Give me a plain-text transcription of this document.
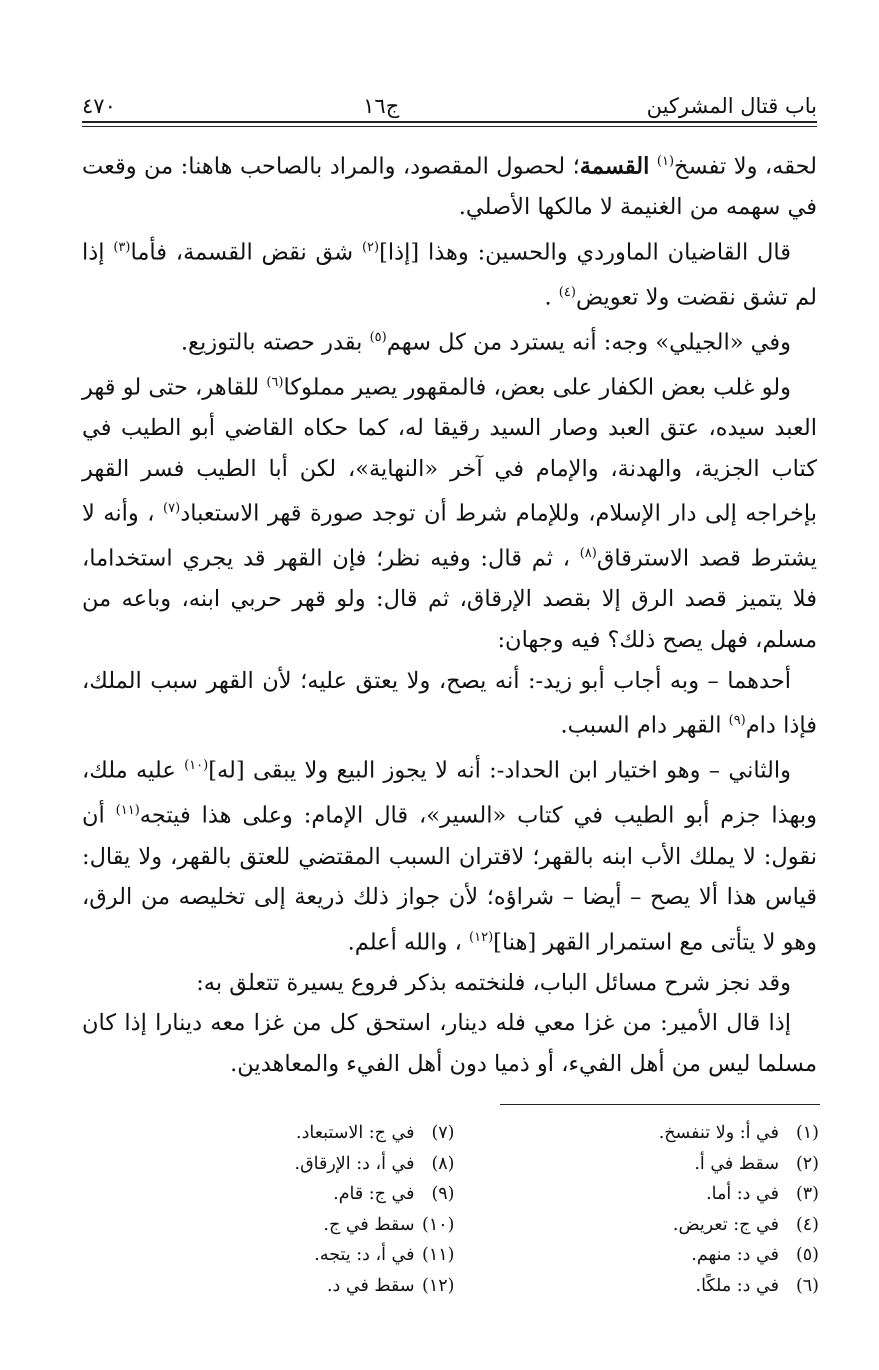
باب قتال المشركين
ج١٦
٤٧٠

لحقه، ولا تفسخ$^{(١)}$ القسمة؛ لحصول المقصود، والمراد بالصاحب هاهنا: من وقعت في سهمه من الغنيمة لا مالكها الأصلي.

قال القاضيان الماوردي والحسين: وهذا [إذا]$^{(٢)}$ شق نقض القسمة، فأما$^{(٣)}$ إذا لم تشق نقضت ولا تعويض$^{(٤)}$ .

وفي «الجيلي» وجه: أنه يسترد من كل سهم$^{(٥)}$ بقدر حصته بالتوزيع.

ولو غلب بعض الكفار على بعض، فالمقهور يصير مملوكا$^{(٦)}$ للقاهر، حتى لو قهر العبد سيده، عتق العبد وصار السيد رقيقا له، كما حكاه القاضي أبو الطيب في كتاب الجزية، والهدنة، والإمام في آخر «النهاية»، لكن أبا الطيب فسر القهر بإخراجه إلى دار الإسلام، وللإمام شرط أن توجد صورة قهر الاستعباد$^{(٧)}$ ، وأنه لا يشترط قصد الاسترقاق$^{(٨)}$ ، ثم قال: وفيه نظر؛ فإن القهر قد يجري استخداما، فلا يتميز قصد الرق إلا بقصد الإرقاق، ثم قال: ولو قهر حربي ابنه، وباعه من مسلم، فهل يصح ذلك؟ فيه وجهان:

أحدهما – وبه أجاب أبو زيد-: أنه يصح، ولا يعتق عليه؛ لأن القهر سبب الملك، فإذا دام$^{(٩)}$ القهر دام السبب.

والثاني – وهو اختيار ابن الحداد-: أنه لا يجوز البيع ولا يبقى [له]$^{(١٠)}$ عليه ملك، وبهذا جزم أبو الطيب في كتاب «السير»، قال الإمام: وعلى هذا فيتجه$^{(١١)}$ أن نقول: لا يملك الأب ابنه بالقهر؛ لاقتران السبب المقتضي للعتق بالقهر، ولا يقال: قياس هذا ألا يصح – أيضا – شراؤه؛ لأن جواز ذلك ذريعة إلى تخليصه من الرق، وهو لا يتأتى مع استمرار القهر [هنا]$^{(١٢)}$ ، والله أعلم.

وقد نجز شرح مسائل الباب، فلنختمه بذكر فروع يسيرة تتعلق به:

إذا قال الأمير: من غزا معي فله دينار، استحق كل من غزا معه دينارا إذا كان مسلما ليس من أهل الفيء، أو ذميا دون أهل الفيء والمعاهدين.

(١)في أ: ولا تنفسخ.
(٢)سقط في أ.
(٣)في د: أما.
(٤)في ج: تعريض.
(٥)في د: منهم.
(٦)في د: ملكًا.
(٧)في ج: الاستبعاد.
(٨)في أ، د: الإرقاق.
(٩)في ج: قام.
(١٠)سقط في ج.
(١١)في أ، د: يتجه.
(١٢)سقط في د.
